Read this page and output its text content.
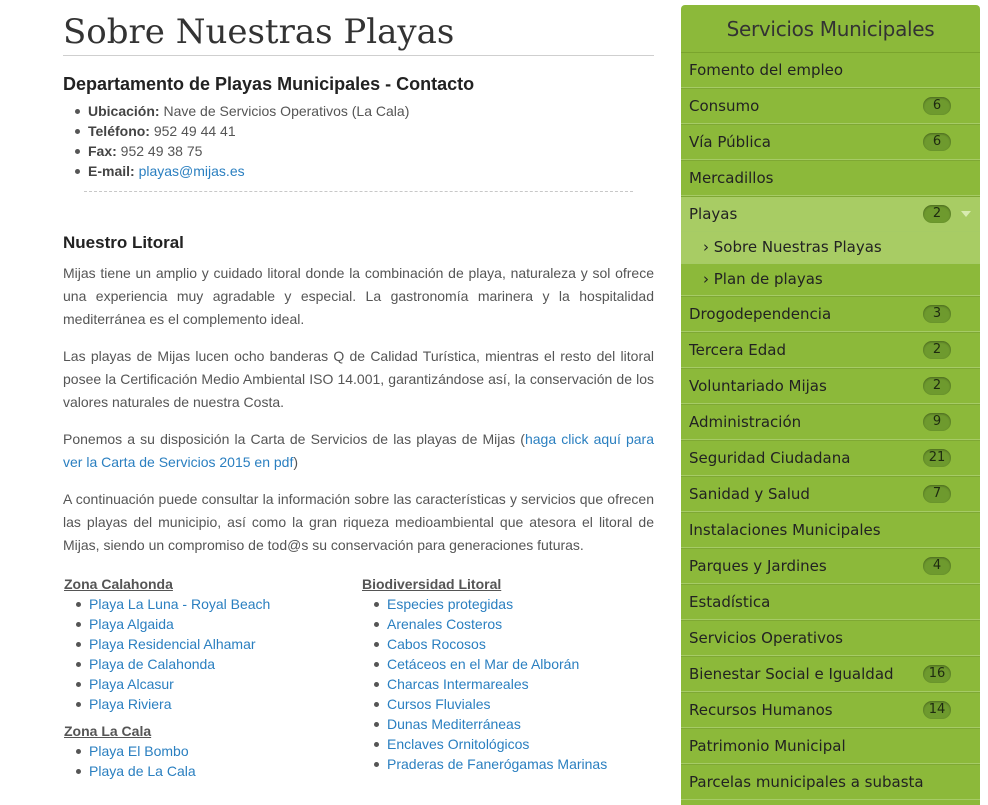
Sobre Nuestras Playas
Departamento de Playas Municipales - Contacto
Ubicación: Nave de Servicios Operativos (La Cala)
Teléfono: 952 49 44 41
Fax: 952 49 38 75
E-mail: playas@mijas.es
Nuestro Litoral

Mijas tiene un amplio y cuidado litoral donde la combinación de playa, naturaleza y sol ofrece una experiencia muy agradable y especial. La gastronomía marinera y la hospitalidad mediterránea es el complemento ideal.

Las playas de Mijas lucen ocho banderas Q de Calidad Turística, mientras el resto del litoral posee la Certificación Medio Ambiental ISO 14.001, garantizándose así, la conservación de los valores naturales de nuestra Costa.

Ponemos a su disposición la Carta de Servicios de las playas de Mijas (haga click aquí para ver la Carta de Servicios 2015 en pdf)

A continuación puede consultar la información sobre las características y servicios que ofrecen las playas del municipio, así como la gran riqueza medioambiental que atesora el litoral de Mijas, siendo un compromiso de tod@s su conservación para generaciones futuras.

Zona Calahonda
Playa La Luna - Royal Beach
Playa Algaida
Playa Residencial Alhamar
Playa de Calahonda
Playa Alcasur
Playa Riviera
Zona La Cala
Playa El Bombo
Playa de La Cala
Biodiversidad Litoral
Especies protegidas
Arenales Costeros
Cabos Rocosos
Cetáceos en el Mar de Alborán
Charcas Intermareales
Cursos Fluviales
Dunas Mediterráneas
Enclaves Ornitológicos
Praderas de Fanerógamas Marinas
Servicios Municipales
Fomento del empleo
Consumo	6
Vía Pública	6
Mercadillos
Playas	2
› Sobre Nuestras Playas
› Plan de playas
Drogodependencia	3
Tercera Edad	2
Voluntariado Mijas	2
Administración	9
Seguridad Ciudadana	21
Sanidad y Salud	7
Instalaciones Municipales
Parques y Jardines	4
Estadística
Servicios Operativos
Bienestar Social e Igualdad	16
Recursos Humanos	14
Patrimonio Municipal
Parcelas municipales a subasta
